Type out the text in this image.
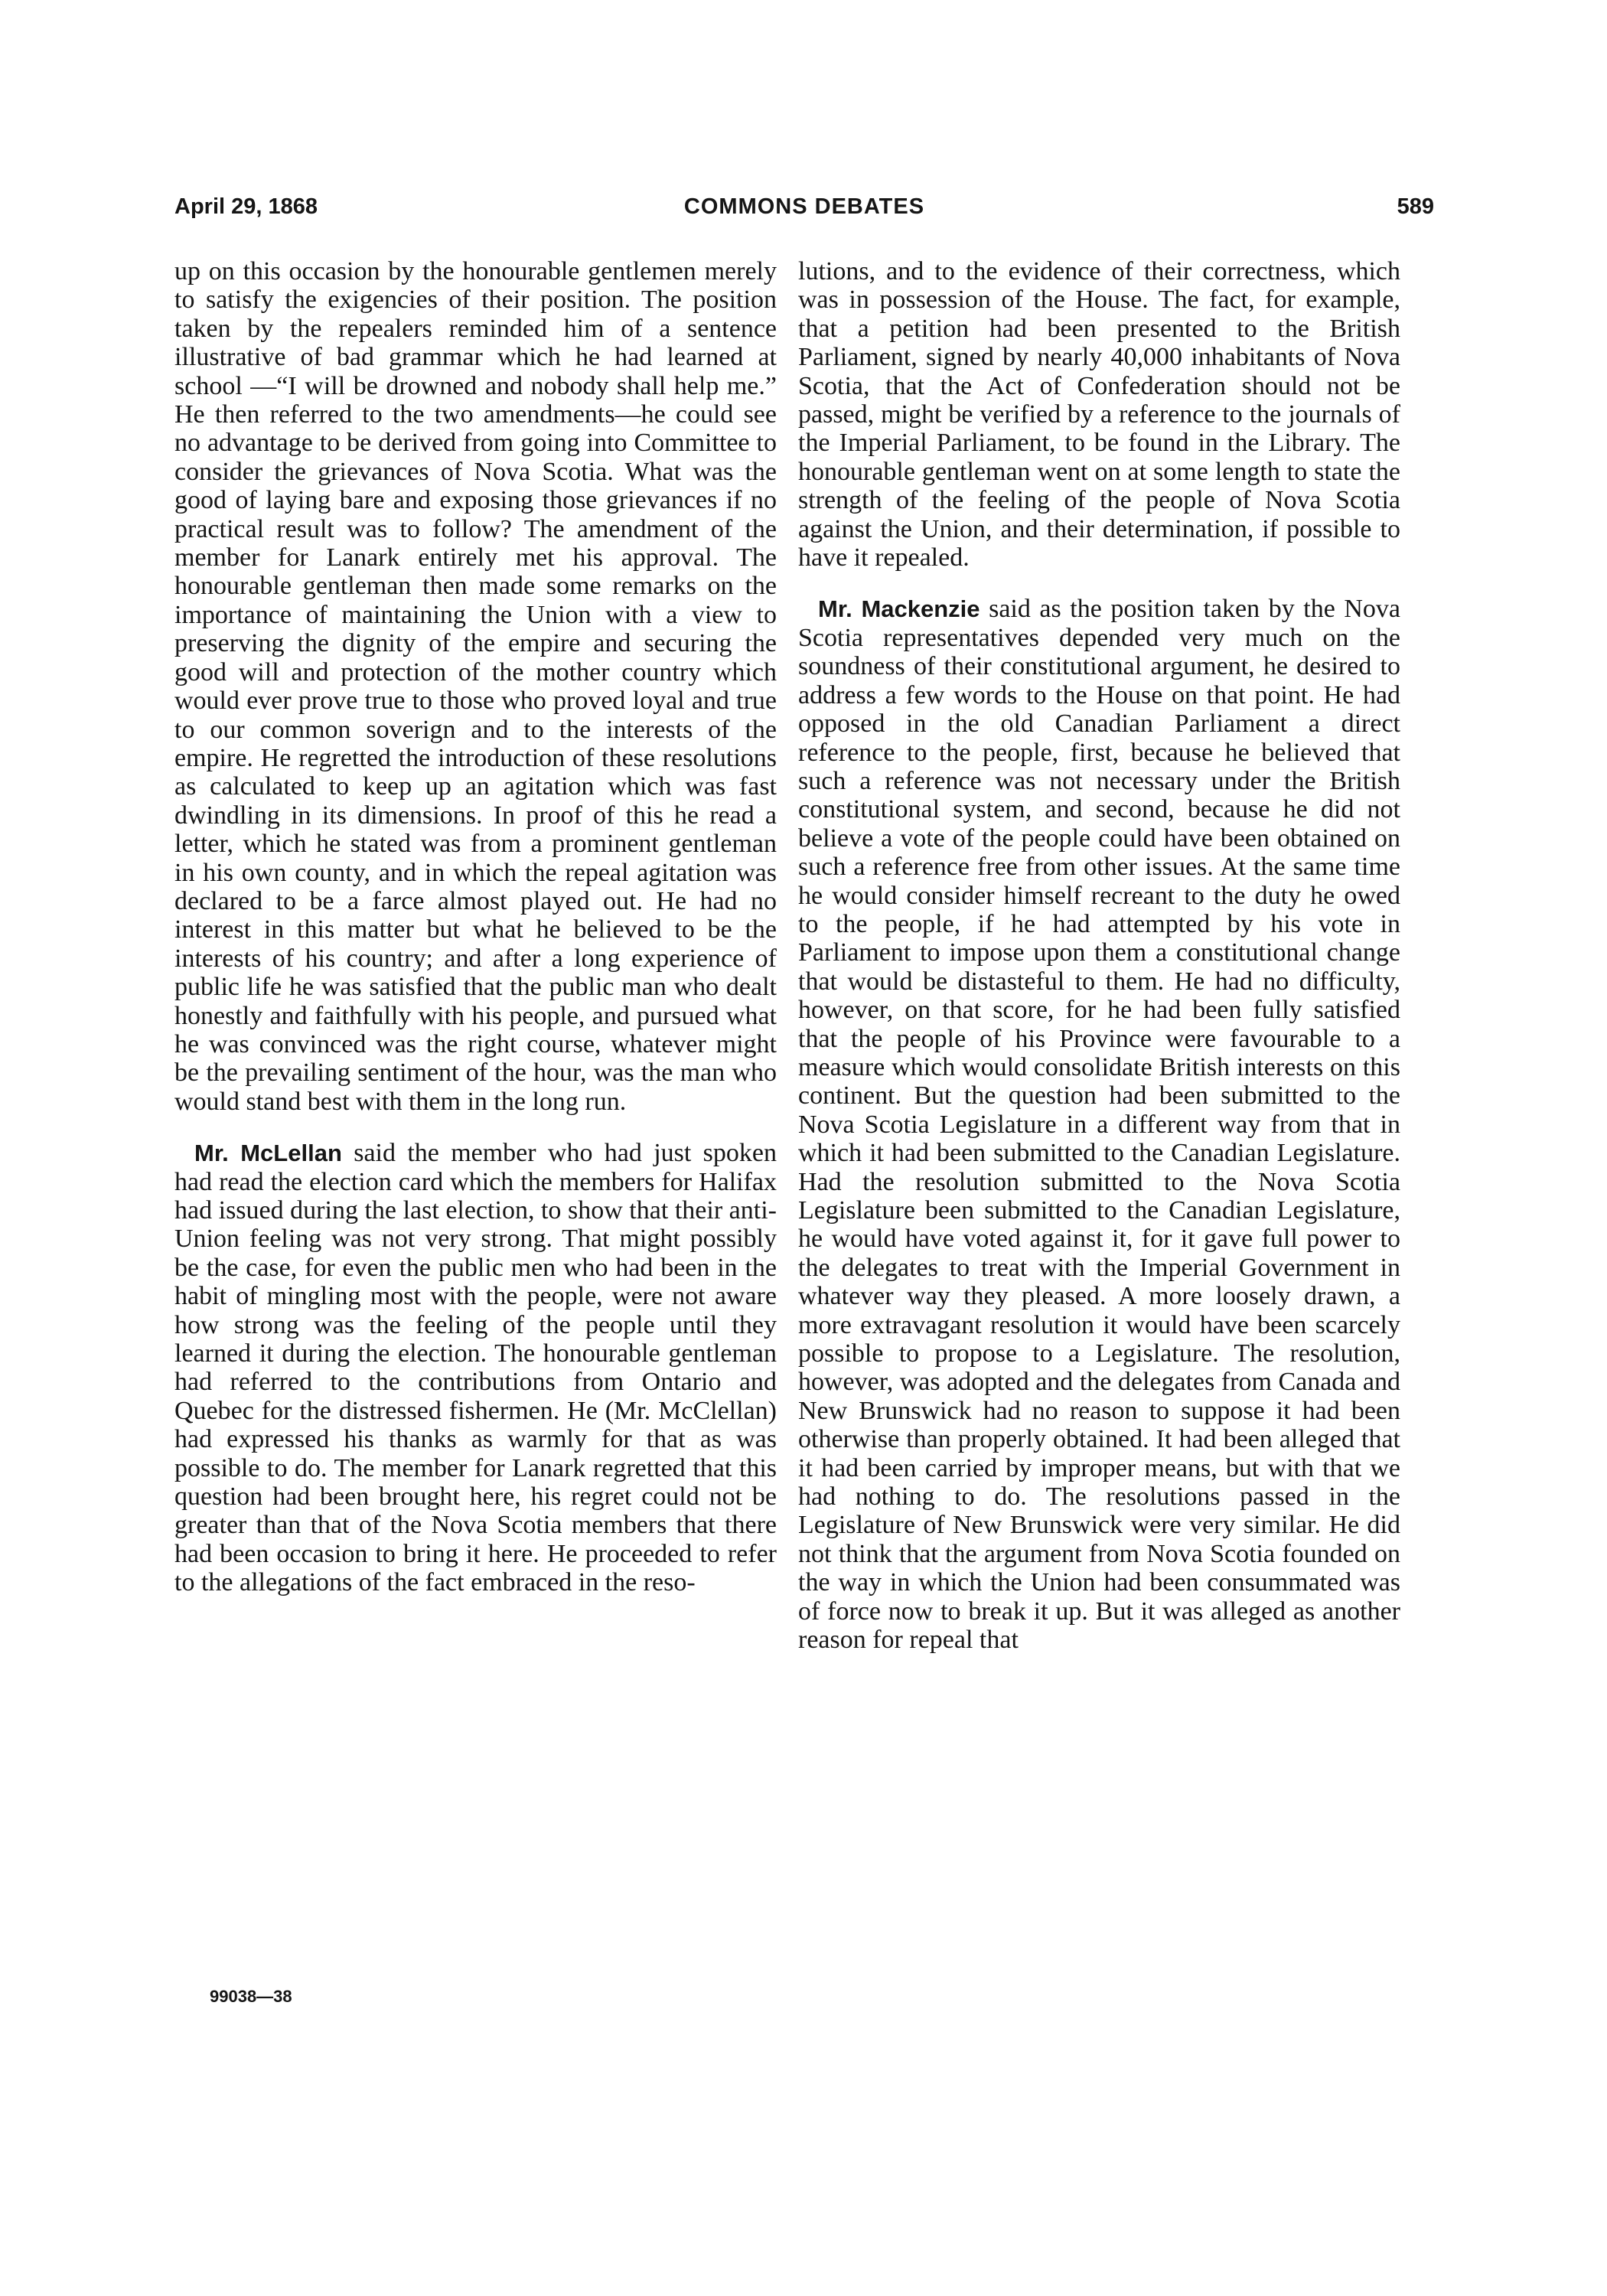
COMMONS DEBATES
April 29, 1868	589

up on this occasion by the honourable gentlemen merely to satisfy the exigencies of their position. The position taken by the repealers reminded him of a sentence illustrative of bad grammar which he had learned at school —“I will be drowned and nobody shall help me.” He then referred to the two amendments—he could see no advantage to be derived from going into Committee to consider the grievances of Nova Scotia. What was the good of laying bare and exposing those grievances if no practical result was to follow? The amendment of the member for Lanark entirely met his approval. The honourable gentleman then made some remarks on the importance of maintaining the Union with a view to preserving the dignity of the empire and securing the good will and protection of the mother country which would ever prove true to those who proved loyal and true to our common soverign and to the interests of the empire. He regretted the introduction of these resolutions as calculated to keep up an agitation which was fast dwindling in its dimensions. In proof of this he read a letter, which he stated was from a prominent gentleman in his own county, and in which the repeal agitation was declared to be a farce almost played out. He had no interest in this matter but what he believed to be the interests of his country; and after a long experience of public life he was satisfied that the public man who dealt honestly and faithfully with his people, and pursued what he was convinced was the right course, whatever might be the prevailing sentiment of the hour, was the man who would stand best with them in the long run.

Mr. McLellan said the member who had just spoken had read the election card which the members for Halifax had issued during the last election, to show that their anti-Union feeling was not very strong. That might possibly be the case, for even the public men who had been in the habit of mingling most with the people, were not aware how strong was the feeling of the people until they learned it during the election. The honourable gentleman had referred to the contributions from Ontario and Quebec for the distressed fishermen. He (Mr. McClellan) had expressed his thanks as warmly for that as was possible to do. The member for Lanark regretted that this question had been brought here, his regret could not be greater than that of the Nova Scotia members that there had been occasion to bring it here. He proceeded to refer to the allegations of the fact embraced in the reso-

lutions, and to the evidence of their correctness, which was in possession of the House. The fact, for example, that a petition had been presented to the British Parliament, signed by nearly 40,000 inhabitants of Nova Scotia, that the Act of Confederation should not be passed, might be verified by a reference to the journals of the Imperial Parliament, to be found in the Library. The honourable gentleman went on at some length to state the strength of the feeling of the people of Nova Scotia against the Union, and their determination, if possible to have it repealed.

Mr. Mackenzie said as the position taken by the Nova Scotia representatives depended very much on the soundness of their constitutional argument, he desired to address a few words to the House on that point. He had opposed in the old Canadian Parliament a direct reference to the people, first, because he believed that such a reference was not necessary under the British constitutional system, and second, because he did not believe a vote of the people could have been obtained on such a reference free from other issues. At the same time he would consider himself recreant to the duty he owed to the people, if he had attempted by his vote in Parliament to impose upon them a constitutional change that would be distasteful to them. He had no difficulty, however, on that score, for he had been fully satisfied that the people of his Province were favourable to a measure which would consolidate British interests on this continent. But the question had been submitted to the Nova Scotia Legislature in a different way from that in which it had been submitted to the Canadian Legislature. Had the resolution submitted to the Nova Scotia Legislature been submitted to the Canadian Legislature, he would have voted against it, for it gave full power to the delegates to treat with the Imperial Government in whatever way they pleased. A more loosely drawn, a more extravagant resolution it would have been scarcely possible to propose to a Legislature. The resolution, however, was adopted and the delegates from Canada and New Brunswick had no reason to suppose it had been otherwise than properly obtained. It had been alleged that it had been carried by improper means, but with that we had nothing to do. The resolutions passed in the Legislature of New Brunswick were very similar. He did not think that the argument from Nova Scotia founded on the way in which the Union had been consummated was of force now to break it up. But it was alleged as another reason for repeal that

99038—38
